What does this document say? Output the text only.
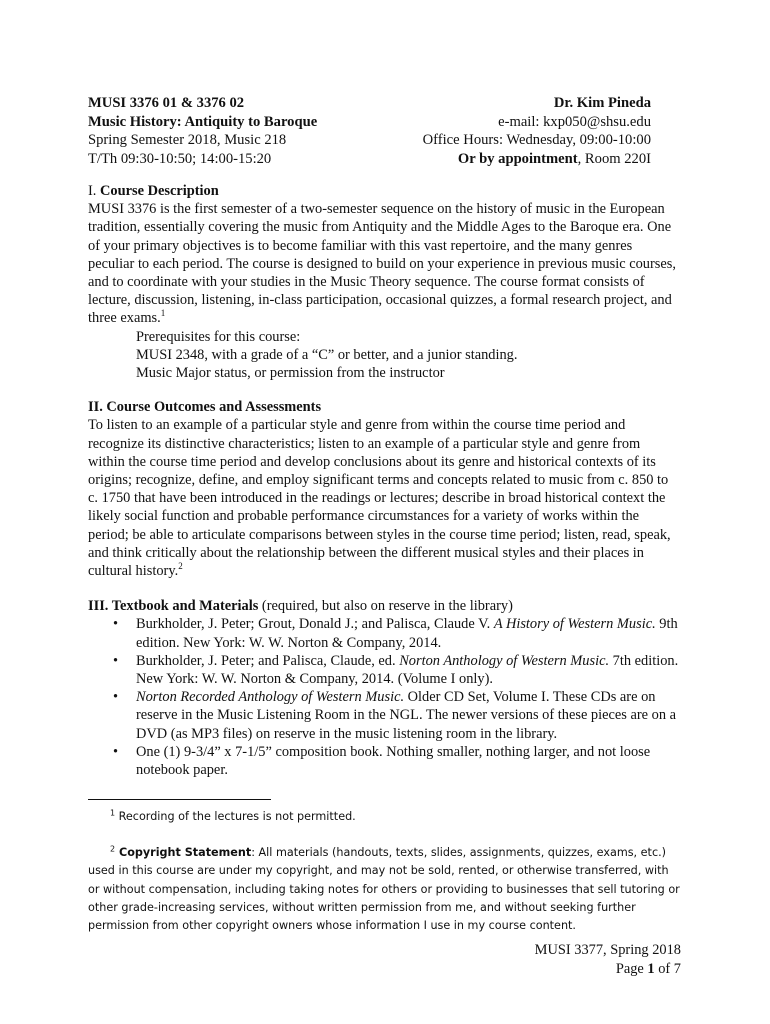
MUSI 3376 01 & 3376 02	Dr. Kim Pineda
Music History: Antiquity to Baroque	e-mail: kxp050@shsu.edu
Spring Semester 2018, Music 218	Office Hours: Wednesday, 09:00-10:00
T/Th 09:30-10:50; 14:00-15:20	Or by appointment, Room 220I

I. Course Description

MUSI 3376 is the first semester of a two-semester sequence on the history of music in the European tradition, essentially covering the music from Antiquity and the Middle Ages to the Baroque era. One of your primary objectives is to become familiar with this vast repertoire, and the many genres peculiar to each period. The course is designed to build on your experience in previous music courses, and to coordinate with your studies in the Music Theory sequence. The course format consists of lecture, discussion, listening, in-class participation, occasional quizzes, a formal research project, and three exams.$^1$

Prerequisites for this course:

MUSI 2348, with a grade of a “C” or better, and a junior standing.

Music Major status, or permission from the instructor

II. Course Outcomes and Assessments

To listen to an example of a particular style and genre from within the course time period and recognize its distinctive characteristics; listen to an example of a particular style and genre from within the course time period and develop conclusions about its genre and historical contexts of its origins; recognize, define, and employ significant terms and concepts related to music from c. 850 to c. 1750 that have been introduced in the readings or lectures; describe in broad historical context the likely social function and probable performance circumstances for a variety of works within the period; be able to articulate comparisons between styles in the course time period; listen, read, speak, and think critically about the relationship between the different musical styles and their places in cultural history.$^2$

III. Textbook and Materials (required, but also on reserve in the library)

• Burkholder, J. Peter; Grout, Donald J.; and Palisca, Claude V. A History of Western Music. 9th edition. New York: W. W. Norton & Company, 2014.
• Burkholder, J. Peter; and Palisca, Claude, ed. Norton Anthology of Western Music. 7th edition. New York: W. W. Norton & Company, 2014. (Volume I only).
• Norton Recorded Anthology of Western Music. Older CD Set, Volume I. These CDs are on reserve in the Music Listening Room in the NGL. The newer versions of these pieces are on a DVD (as MP3 files) on reserve in the music listening room in the library.
• One (1) 9-3/4” x 7-1/5” composition book. Nothing smaller, nothing larger, and not loose notebook paper.
$^1$ Recording of the lectures is not permitted.
$^2$ Copyright Statement: All materials (handouts, texts, slides, assignments, quizzes, exams, etc.) used in this course are under my copyright, and may not be sold, rented, or otherwise transferred, with or without compensation, including taking notes for others or providing to businesses that sell tutoring or other grade-increasing services, without written permission from me, and without seeking further permission from other copyright owners whose information I use in my course content.
MUSI 3377, Spring 2018
Page 1 of 7
